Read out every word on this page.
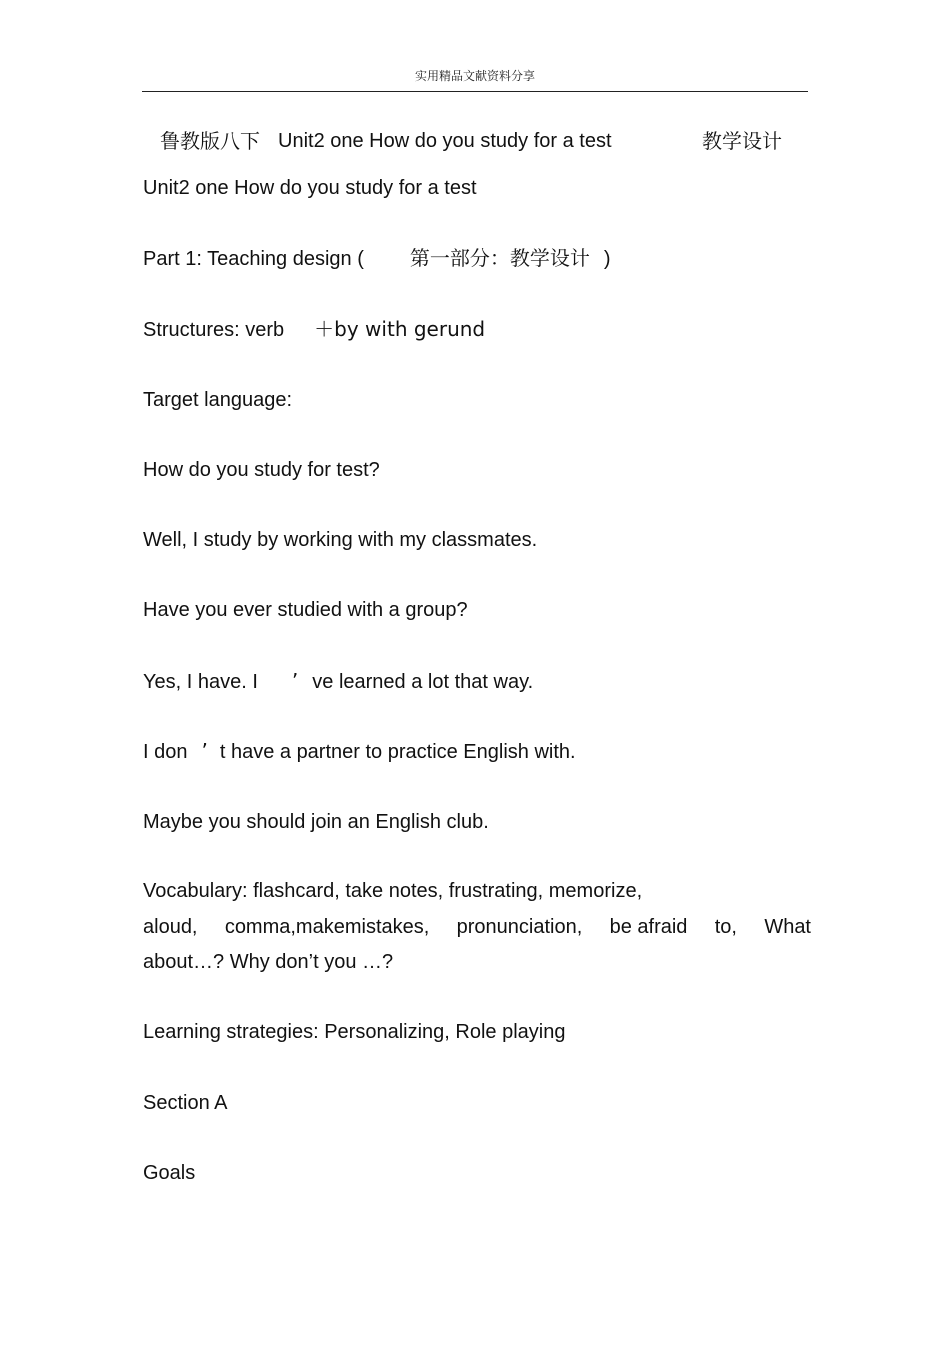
实用精品文献资料分享
鲁教版八下 Unit2 one How do you study for a test	教学设计
Unit2 one How do you study for a test
Part 1: Teaching design ( 第一部分：教学设计 )
Structures: verb ＋by with gerund
Target language:
How do you study for test?
Well, I study by working with my classmates.
Have you ever studied with a group?
Yes, I have. I ’ ve learned a lot that way.
I don ’ t have a partner to practice English with.
Maybe you should join an English club.
Vocabulary: flashcard, take notes, frustrating, memorize,
aloud, comma,makemistakes, pronunciation, be afraid to, What
about…? Why don’t you …?
Learning strategies: Personalizing, Role playing
Section A
Goals
